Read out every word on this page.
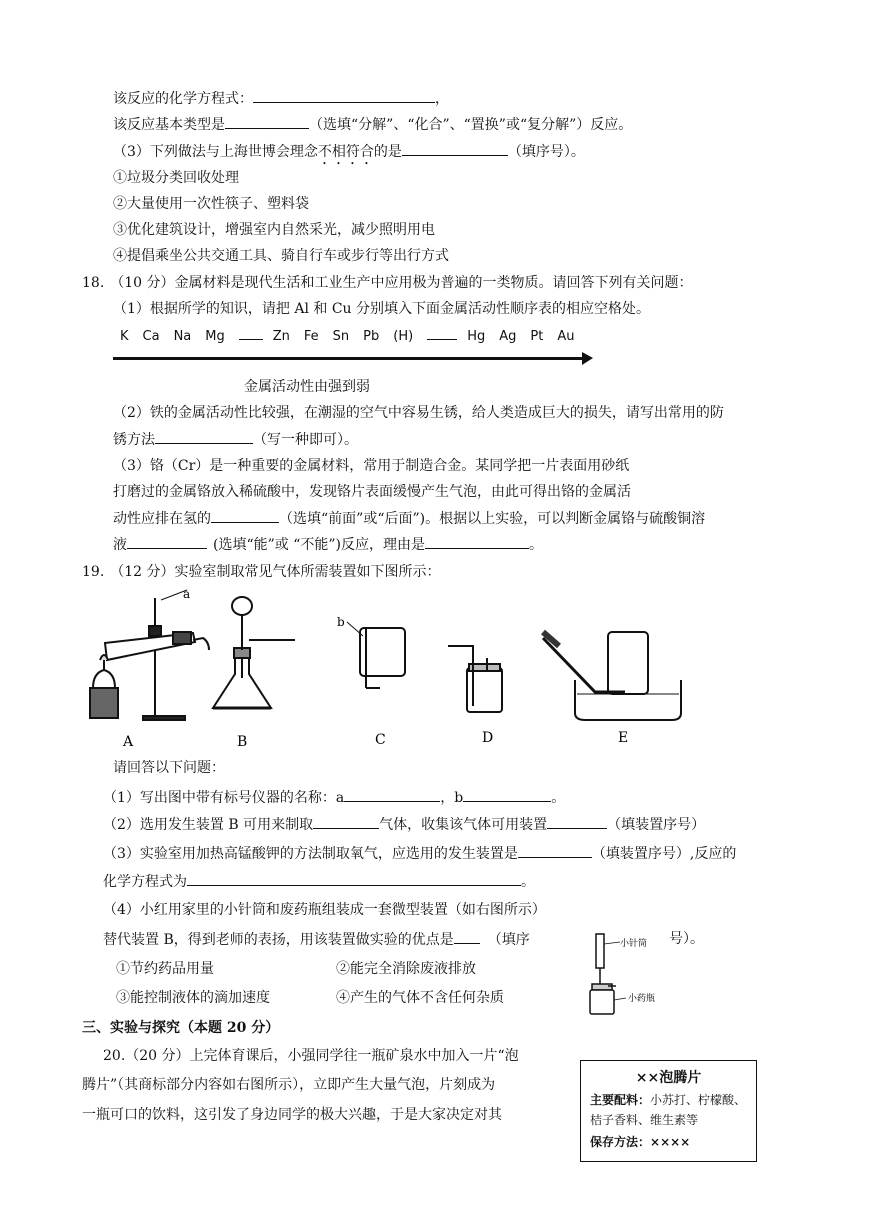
该反应的化学方程式：	，
该反应基本类型是	（选填“分解”、“化合”、“置换”或“复分解”）反应。
（3）下列做法与上海世博会理念不相符合的是	（填序号）。
①垃圾分类回收处理
②大量使用一次性筷子、塑料袋
③优化建筑设计，增强室内自然采光，减少照明用电
④提倡乘坐公共交通工具、骑自行车或步行等出行方式
18. （10 分）金属材料是现代生活和工业生产中应用极为普遍的一类物质。请回答下列有关问题：
（1）根据所学的知识，请把 Al 和 Cu 分别填入下面金属活动性顺序表的相应空格处。
K Ca Na Mg	Zn Fe Sn Pb (H)	Hg Ag Pt Au
金属活动性由强到弱
（2）铁的金属活动性比较强，在潮湿的空气中容易生锈，给人类造成巨大的损失，请写出常用的防
锈方法	（写一种即可）。
（3）铬（Cr）是一种重要的金属材料，常用于制造合金。某同学把一片表面用砂纸
打磨过的金属铬放入稀硫酸中，发现铬片表面缓慢产生气泡，由此可得出铬的金属活
动性应排在氢的	（选填“前面”或“后面”)。根据以上实验，可以判断金属铬与硫酸铜溶
液	(选填“能”或 “不能”)反应，理由是	。
19. （12 分）实验室制取常见气体所需装置如下图所示：
a
b
A	B	C	D	E
请回答以下问题：
（1）写出图中带有标号仪器的名称：a	，b	。
（2）选用发生装置 B 可用来制取	气体，收集该气体可用装置	（填装置序号）
（3）实验室用加热高锰酸钾的方法制取氧气，应选用的发生装置是	（填装置序号）,反应的
化学方程式为	。
（4）小红用家里的小针筒和废药瓶组装成一套微型装置（如右图所示）
替代装置 B，得到老师的表扬，用该装置做实验的优点是 （填序	号）。
①节约药品用量	②能完全消除废液排放
③能控制液体的滴加速度	④产生的气体不含任何杂质
小针筒
小药瓶
三、实验与探究（本题 20 分）
20.（20 分）上完体育课后，小强同学往一瓶矿泉水中加入一片“泡
腾片”（其商标部分内容如右图所示），立即产生大量气泡，片刻成为
一瓶可口的饮料，这引发了身边同学的极大兴趣，于是大家决定对其
××泡腾片
主要配料：小苏打、柠檬酸、
桔子香料、维生素等
保存方法：××××
